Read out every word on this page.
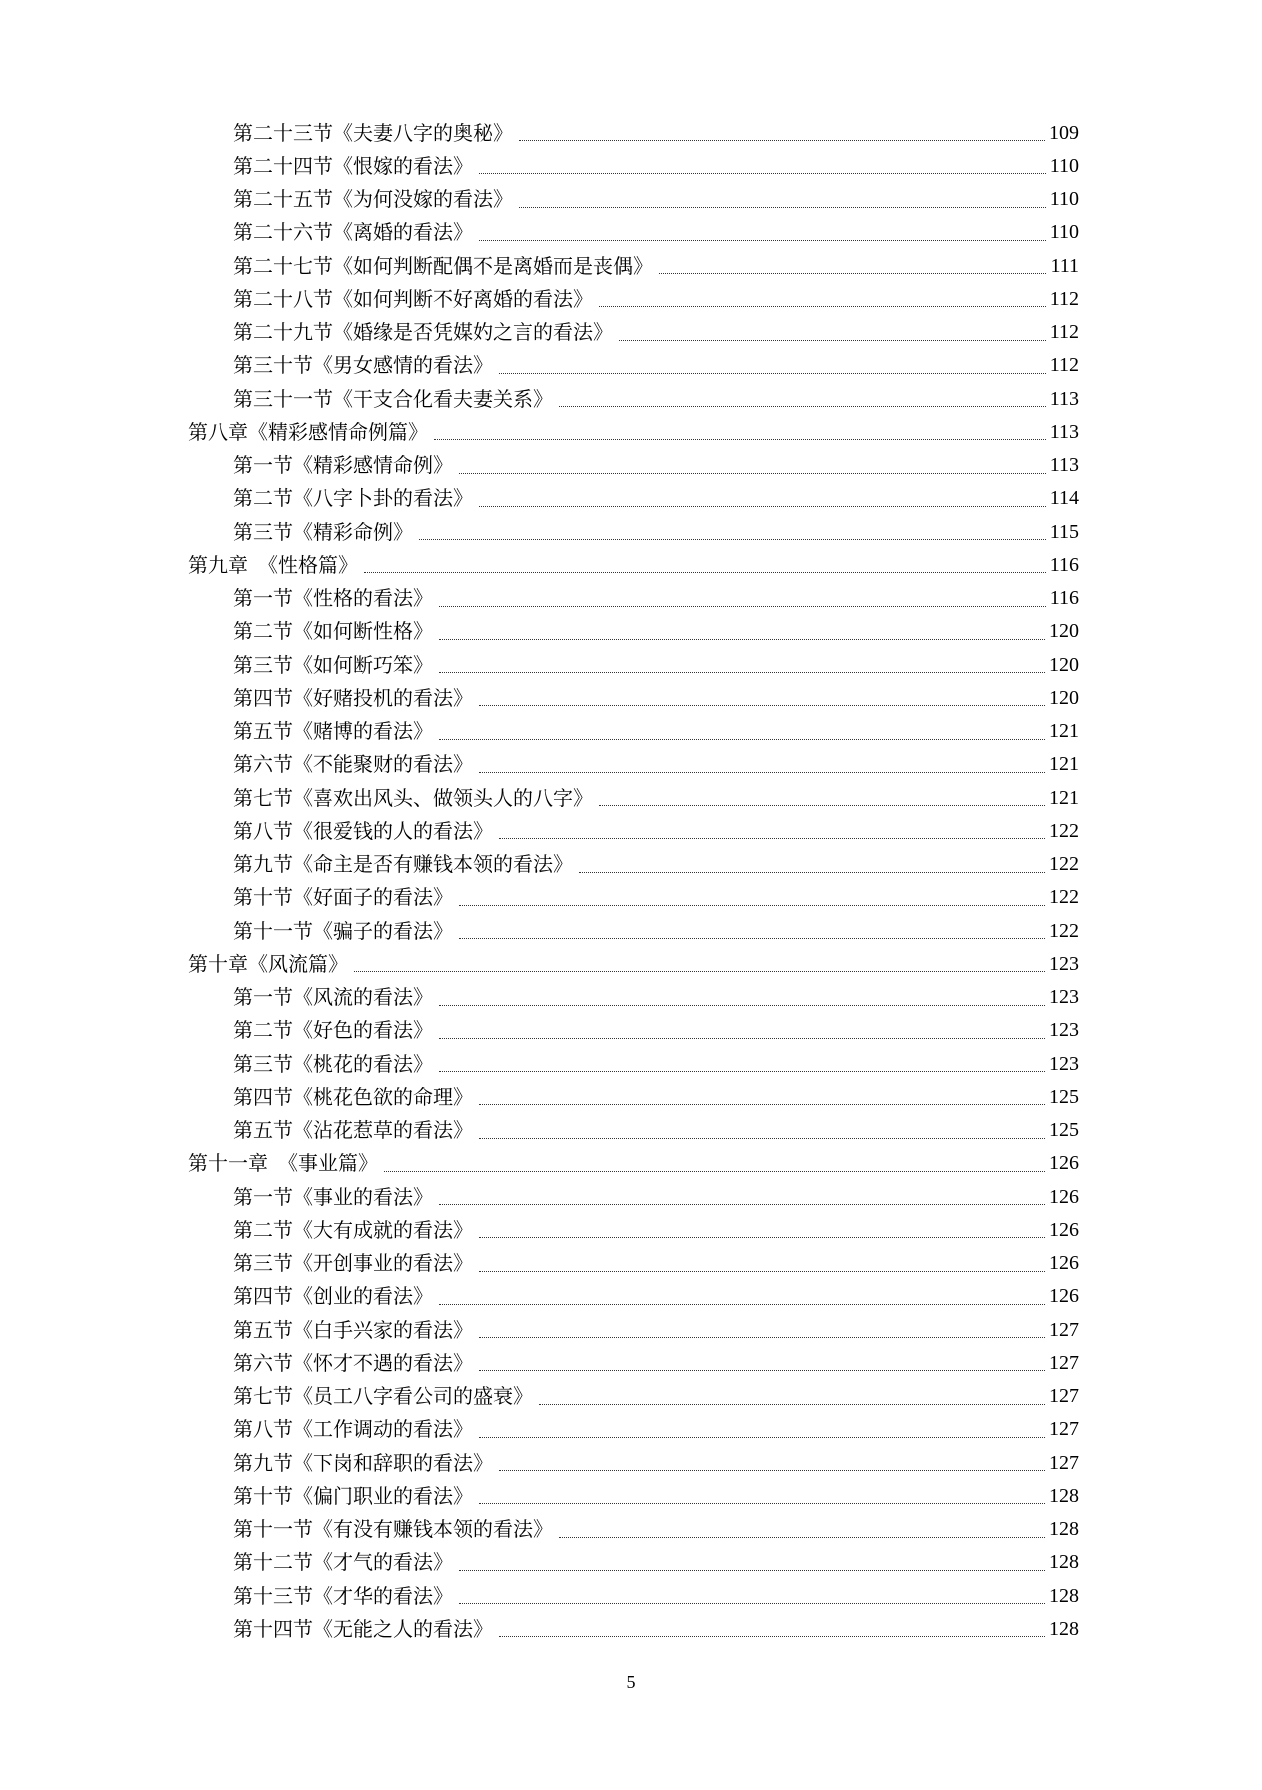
第二十三节《夫妻八字的奥秘》	109
第二十四节《恨嫁的看法》	110
第二十五节《为何没嫁的看法》	110
第二十六节《离婚的看法》	110
第二十七节《如何判断配偶不是离婚而是丧偶》	111
第二十八节《如何判断不好离婚的看法》	112
第二十九节《婚缘是否凭媒妁之言的看法》	112
第三十节《男女感情的看法》	112
第三十一节《干支合化看夫妻关系》	113
第八章《精彩感情命例篇》	113
第一节《精彩感情命例》	113
第二节《八字卜卦的看法》	114
第三节《精彩命例》	115
第九章　《性格篇》	116
第一节《性格的看法》	116
第二节《如何断性格》	120
第三节《如何断巧笨》	120
第四节《好赌投机的看法》	120
第五节《赌博的看法》	121
第六节《不能聚财的看法》	121
第七节《喜欢出风头、做领头人的八字》	121
第八节《很爱钱的人的看法》	122
第九节《命主是否有赚钱本领的看法》	122
第十节《好面子的看法》	122
第十一节《骗子的看法》	122
第十章《风流篇》	123
第一节《风流的看法》	123
第二节《好色的看法》	123
第三节《桃花的看法》	123
第四节《桃花色欲的命理》	125
第五节《沾花惹草的看法》	125
第十一章　《事业篇》	126
第一节《事业的看法》	126
第二节《大有成就的看法》	126
第三节《开创事业的看法》	126
第四节《创业的看法》	126
第五节《白手兴家的看法》	127
第六节《怀才不遇的看法》	127
第七节《员工八字看公司的盛衰》	127
第八节《工作调动的看法》	127
第九节《下岗和辞职的看法》	127
第十节《偏门职业的看法》	128
第十一节《有没有赚钱本领的看法》	128
第十二节《才气的看法》	128
第十三节《才华的看法》	128
第十四节《无能之人的看法》	128
5
